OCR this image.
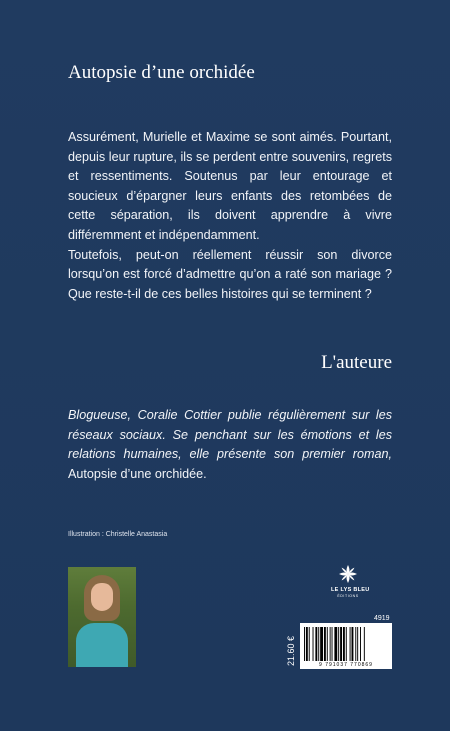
Autopsie d’une orchidée

Assurément, Murielle et Maxime se sont aimés. Pourtant, depuis leur rupture, ils se perdent entre souvenirs, regrets et ressentiments. Soutenus par leur entourage et soucieux d’épargner leurs enfants des retombées de cette séparation, ils doivent apprendre à vivre différemment et indépendamment.

Toutefois, peut-on réellement réussir son divorce lorsqu’on est forcé d’admettre qu’on a raté son mariage ? Que reste-t-il de ces belles histoires qui se terminent ?

L'auteure
Blogueuse, Coralie Cottier publie régulièrement sur les réseaux sociaux. Se penchant sur les émotions et les relations humaines, elle présente son premier roman, Autopsie d’une orchidée.
Illustration : Christelle Anastasia
LE LYS BLEU
ÉDITIONS
4919
21.60 €	9 791037 770869
